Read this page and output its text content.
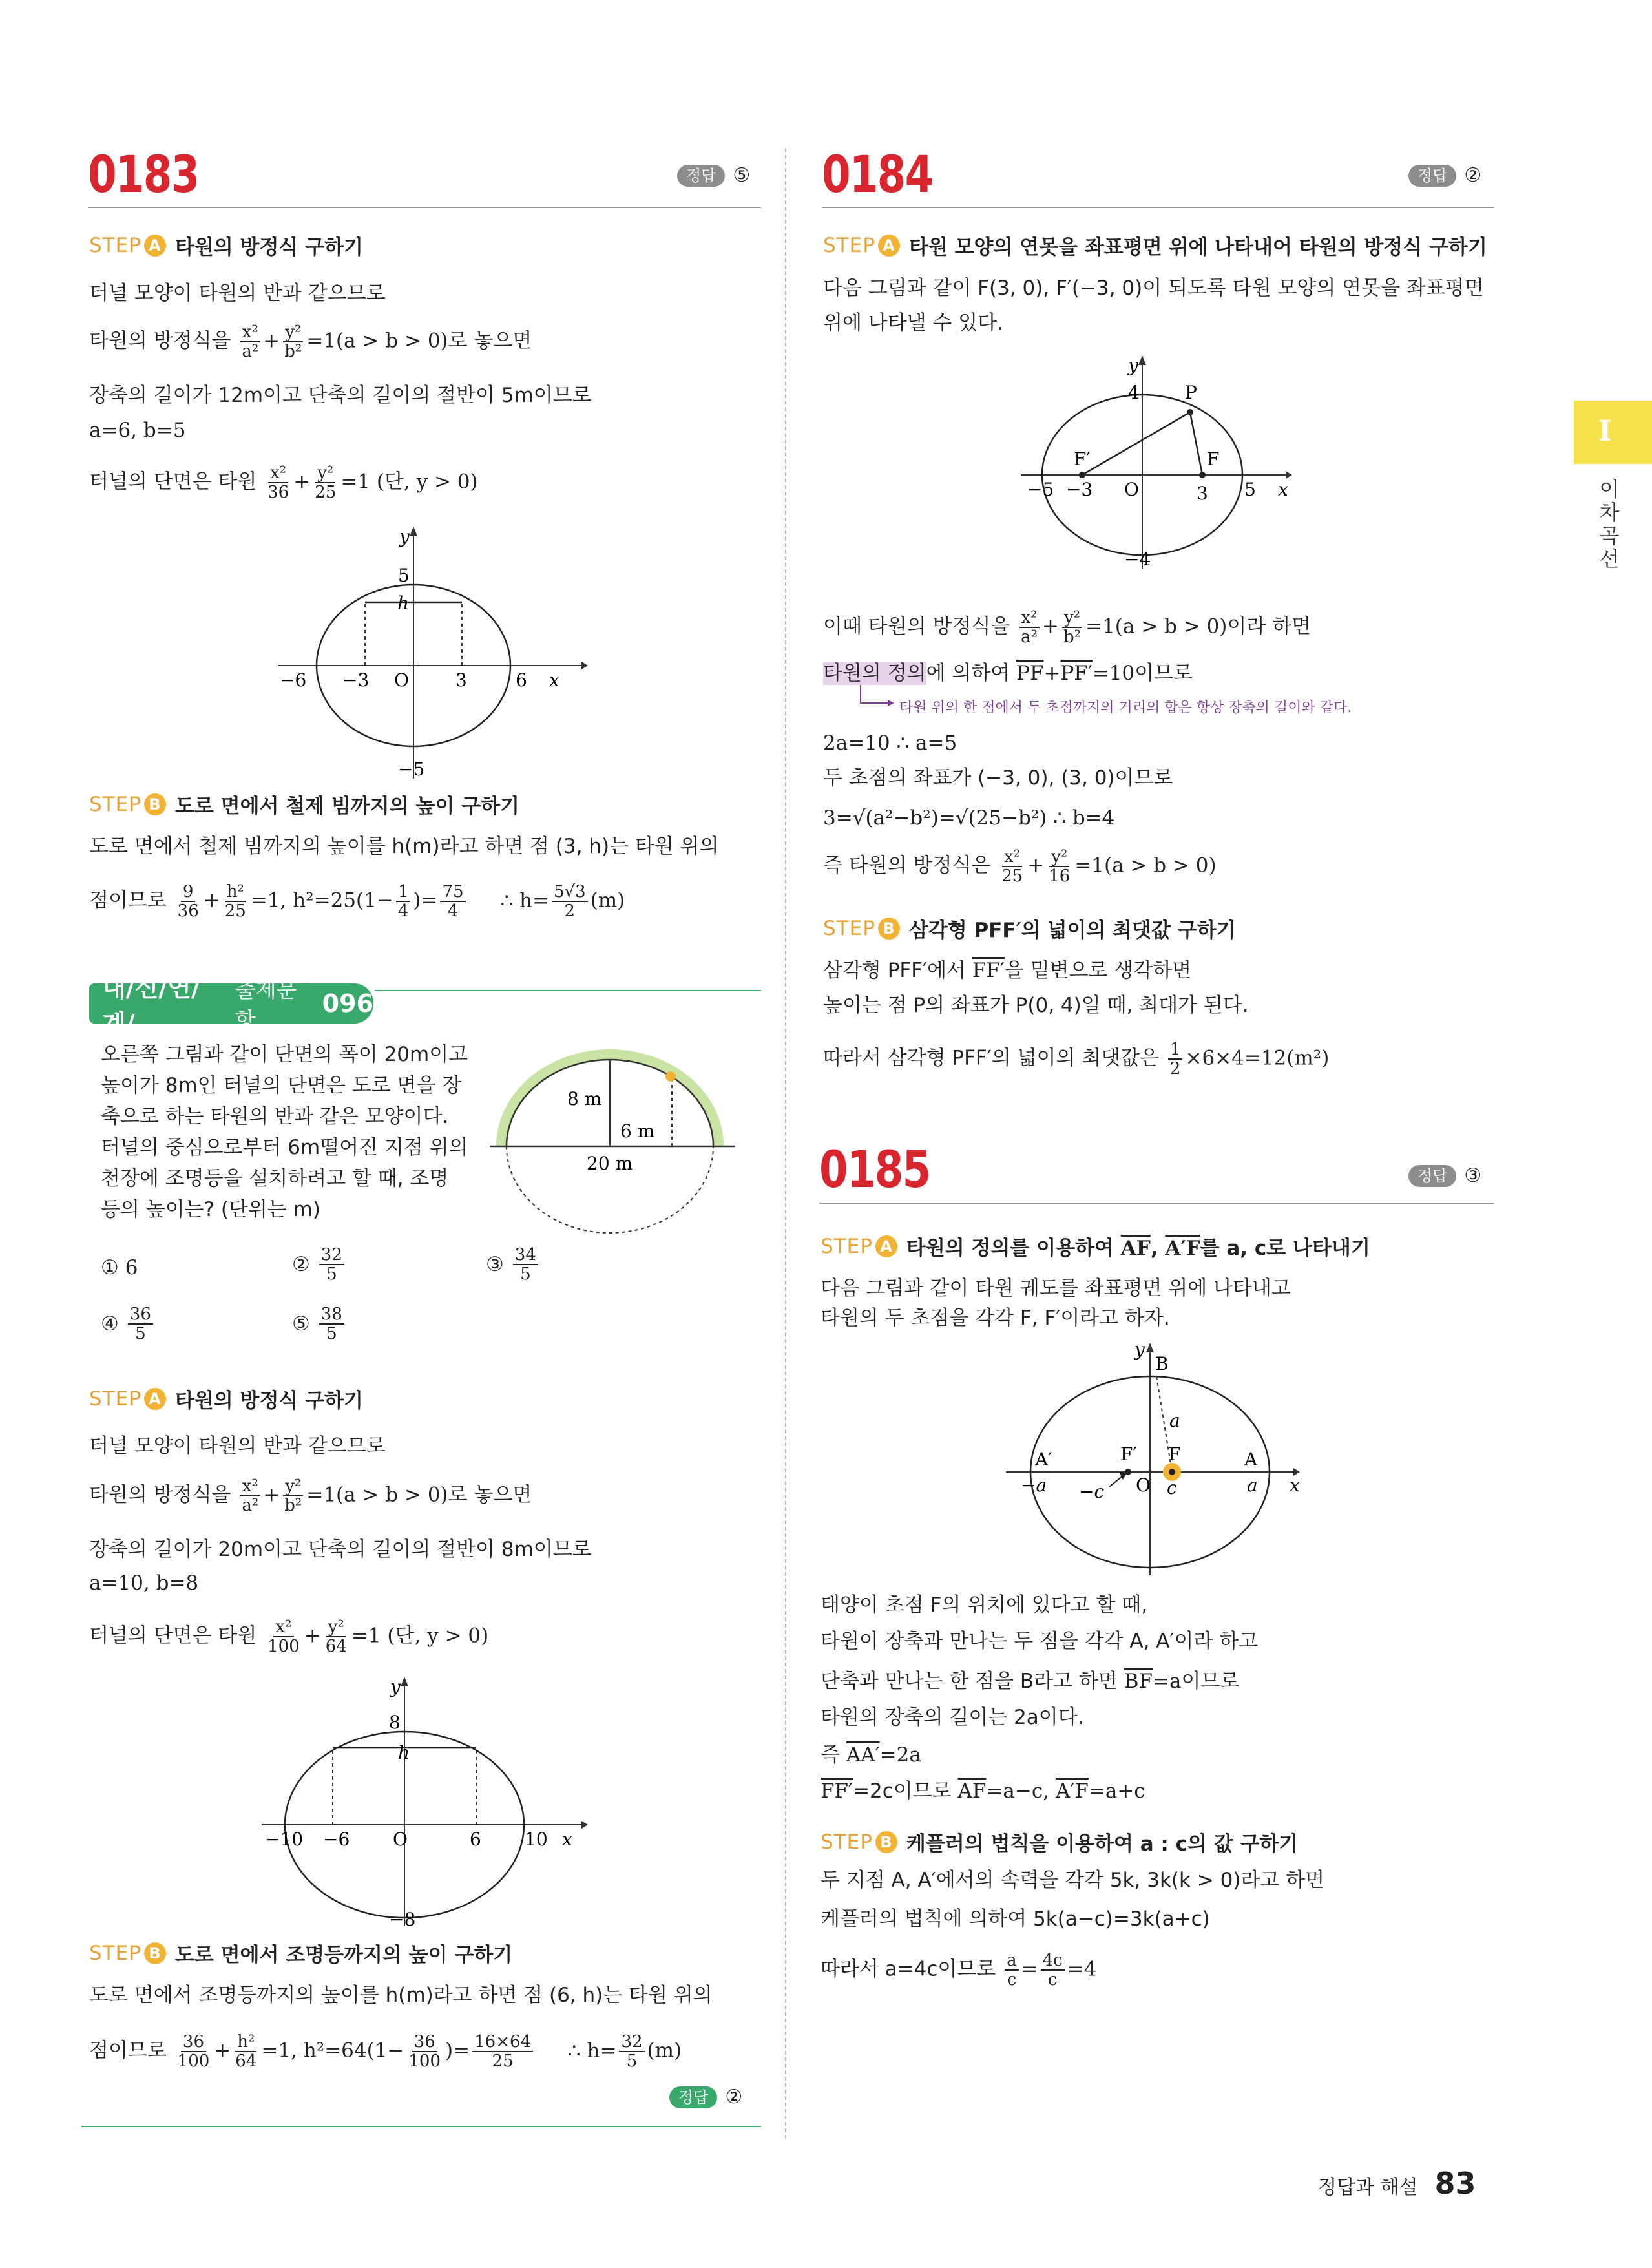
I
이차곡선
0183	정답 ⑤
STEP A 타원의 방정식 구하기
터널 모양이 타원의 반과 같으므로
타원의 방정식을 $\frac{\text{x²}}{\text{a²}} + \frac{\text{y²}}{\text{b²}} =1(a > b > 0)$로 놓으면
장축의 길이가 12m이고 단축의 길이의 절반이 5m이므로
a=6, b=5
터널의 단면은 타원 $\frac{\text{x²}}{36} + \frac{\text{y²}}{25} =1$ (단, y > 0)
y
5
−5
h
−6 −3 O	3	6 x
STEP B 도로 면에서 철제 빔까지의 높이 구하기
도로 면에서 철제 빔까지의 높이를 h(m)라고 하면 점 (3, h)는 타원 위의
점이므로 $\frac{9}{36} + \frac{\text{h²}}{25} =1$, $h^2=25(1- \frac{1}{4}$ )= $\frac{75}{4}$ ∴ $h= \frac{5√3}{2} (m)$
내/신/연/계/
출제문항
096
오른쪽 그림과 같이 단면의 폭이 20m이고
높이가 8m인 터널의 단면은 도로 면을 장
축으로 하는 타원의 반과 같은 모양이다.
터널의 중심으로부터 6m떨어진 지점 위의
천장에 조명등을 설치하려고 할 때, 조명
등의 높이는? (단위는 m)
8 m
6 m
20 m
① 6	② $\frac{32}{5}$	③ $\frac{34}{5}$
④ $\frac{36}{5}$	⑤ $\frac{38}{5}$
STEP A 타원의 방정식 구하기
터널 모양이 타원의 반과 같으므로
타원의 방정식을 $\frac{\text{x²}}{\text{a²}} + \frac{\text{y²}}{\text{b²}} =1(a > b > 0)$로 놓으면
장축의 길이가 20m이고 단축의 길이의 절반이 8m이므로
a=10, b=8
터널의 단면은 타원 $\frac{\text{x²}}{100} + \frac{\text{y²}}{64} =1$ (단, y > 0)
y
8
−8
h
−10 −6 O	6 10 x
STEP B 도로 면에서 조명등까지의 높이 구하기
도로 면에서 조명등까지의 높이를 h(m)라고 하면 점 (6, h)는 타원 위의
점이므로 $\frac{36}{100} + \frac{\text{h²}}{64} =1$, $h^2=64(1- \frac{36}{100}$ )= $\frac{16\times 64}{25}$ ∴ $h= \frac{32}{5} (m)$
정답 ②
0184	정답 ②
STEP A 타원 모양의 연못을 좌표평면 위에 나타내어 타원의 방정식 구하기
다음 그림과 같이 F(3, 0), F′(−3, 0)이 되도록 타원 모양의 연못을 좌표평면
위에 나타낼 수 있다.
y
4
−4
P
F′	F
−5 −3 O	3 5 x
이때 타원의 방정식을 $\frac{\text{x²}}{\text{a²}} + \frac{\text{y²}}{\text{b²}} =1(a > b > 0)$이라 하면
타원의 정의에 의하여 $\overline{PF}+PF'=10$이므로
타원 위의 한 점에서 두 초점까지의 거리의 합은 항상 장축의 길이와 같다.
2a=10 ∴ a=5
두 초점의 좌표가 (−3, 0), (3, 0)이므로
3=√(a²−b²)=√(25−b²) ∴ b=4
즉 타원의 방정식은 $\frac{\text{x²}}{25} + \frac{\text{y²}}{16} =1(a > b > 0)$
STEP B 삼각형 PFF′의 넓이의 최댓값 구하기
삼각형 PFF′에서 FF′을 밑변으로 생각하면
높이는 점 P의 좌표가 P(0, 4)일 때, 최대가 된다.
따라서 삼각형 PFF′의 넓이의 최댓값은 $\frac{1}{2} \times 6\times 4=12(m^2)$
0185	정답 ③
STEP A 타원의 정의를 이용하여 $\overline{AF}$, A′F를 a, c로 나타내기
다음 그림과 같이 타원 궤도를 좌표평면 위에 나타내고
타원의 두 초점을 각각 F, F′이라고 하자.
y
B
a
A′	F′ F	A
−a −c O c	a x
태양이 초점 F의 위치에 있다고 할 때,
타원이 장축과 만나는 두 점을 각각 A, A′이라 하고
단축과 만나는 한 점을 B라고 하면 $\overline{BF}=a$이므로
타원의 장축의 길이는 2a이다.
즉 AA′=2a
FF′=2c이므로 $\overline{AF}=a-c$, A′F=a+c
STEP B 케플러의 법칙을 이용하여 a : c의 값 구하기
두 지점 A, A′에서의 속력을 각각 5k, 3k(k > 0)라고 하면
케플러의 법칙에 의하여 5k(a−c)=3k(a+c)
따라서 a=4c이므로 $\frac{a}{c} = \frac{4c}{c} =4$
정답과 해설 83
